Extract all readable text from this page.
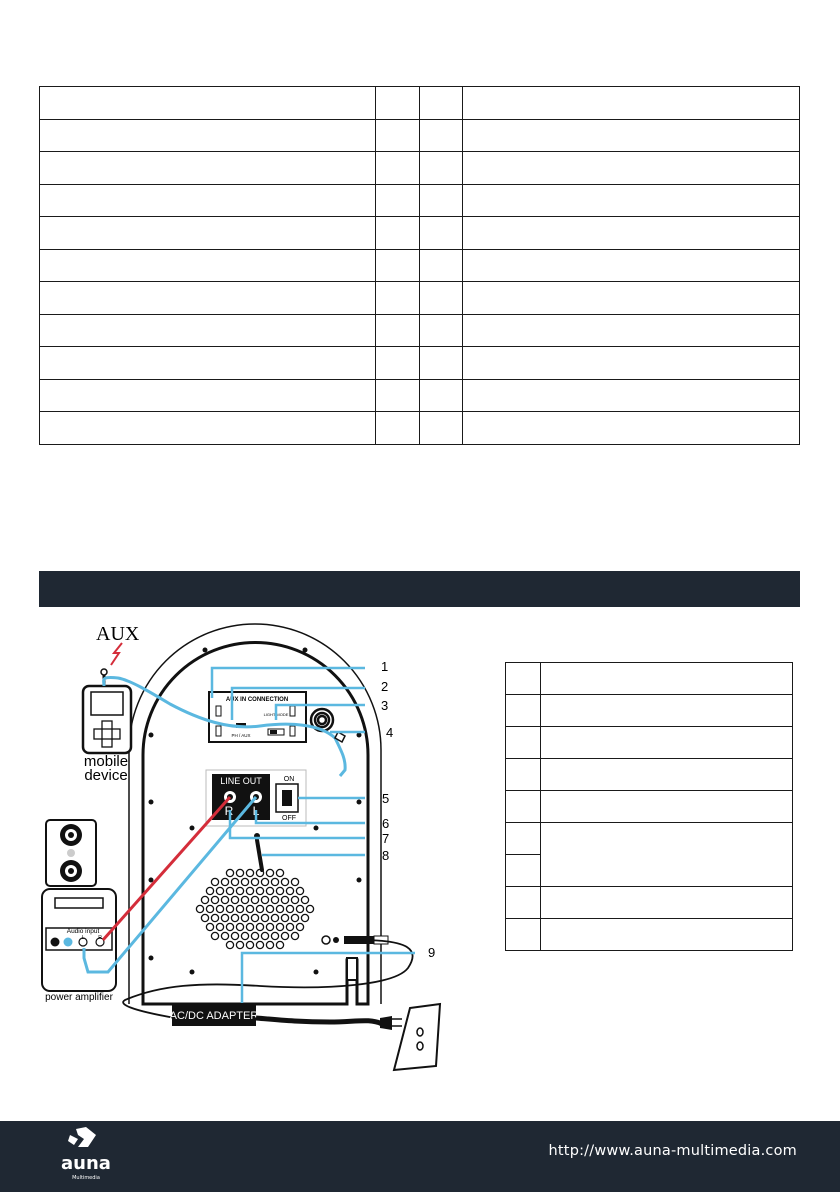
AUX IN CONNECTION
PH / AUX
LIGHT MODE
LINE OUT
R L
ON
OFF
AUX
mobile
device
Audio input
L	R
power amplifier
AC/DC ADAPTER
1
2
3
4
5
6
7
8
9

auna
Multimedia
http://www.auna-multimedia.com
